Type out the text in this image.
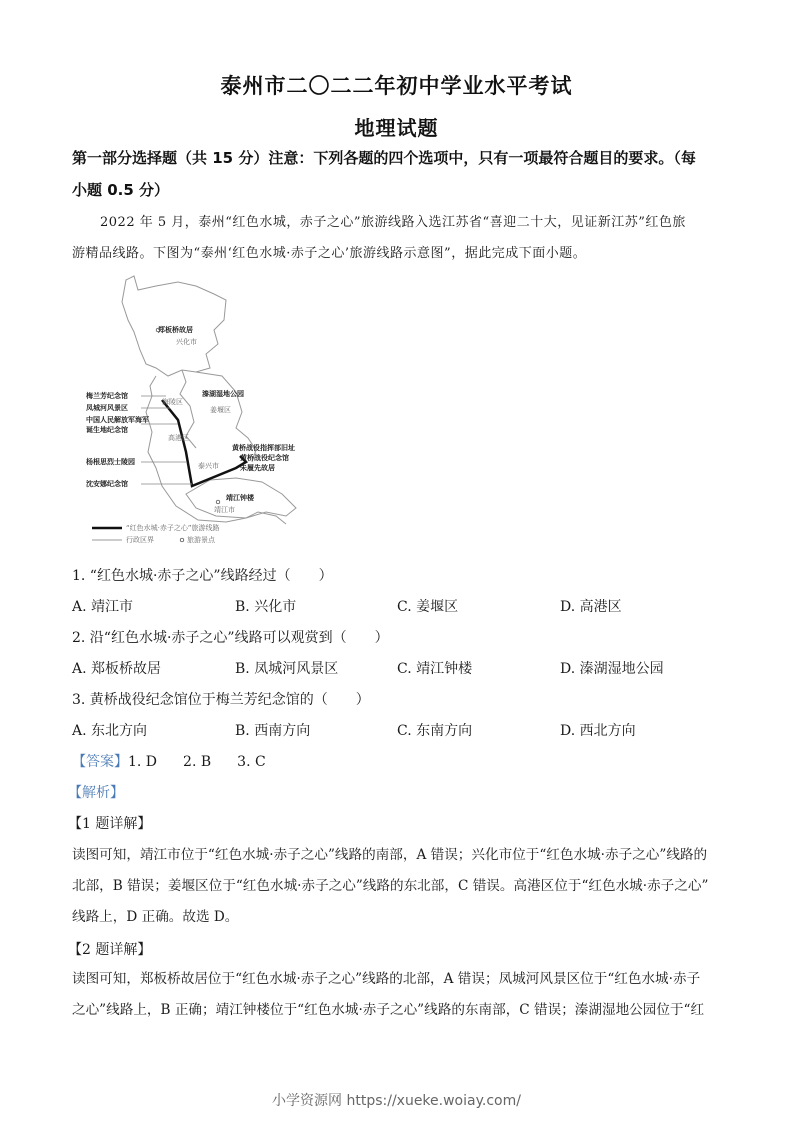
泰州市二〇二二年初中学业水平考试
地理试题
第一部分选择题（共 15 分）注意：下列各题的四个选项中，只有一项最符合题目的要求。（每
小题 0.5 分）
2022 年 5 月，泰州“红色水城，赤子之心”旅游线路入选江苏省“喜迎二十大，见证新江苏”红色旅
游精品线路。下图为“泰州‘红色水城·赤子之心’旅游线路示意图”，据此完成下面小题。
郑板桥故居
兴化市
溱湖湿地公园
姜堰区
梅兰芳纪念馆
凤城河风景区
中国人民解放军海军
诞生地纪念馆
海陵区
高港区
黄桥战役指挥部旧址
黄桥战役纪念馆
朱履先故居
杨根思烈士陵园	泰兴市
沈安娜纪念馆
靖江钟楼
靖江市
“红色水城·赤子之心”旅游线路
行政区界	旅游景点
1. “红色水城·赤子之心”线路经过（　　）
A. 靖江市	B. 兴化市	C. 姜堰区	D. 高港区
2. 沿“红色水城·赤子之心”线路可以观赏到（　　）
A. 郑板桥故居	B. 凤城河风景区	C. 靖江钟楼	D. 溱湖湿地公园
3. 黄桥战役纪念馆位于梅兰芳纪念馆的（　　）
A. 东北方向	B. 西南方向	C. 东南方向	D. 西北方向
【答案】1. D 2. B 3. C
【解析】
【1 题详解】
读图可知，靖江市位于“红色水城·赤子之心”线路的南部，A 错误；兴化市位于“红色水城·赤子之心”线路的
北部，B 错误；姜堰区位于“红色水城·赤子之心”线路的东北部，C 错误。高港区位于“红色水城·赤子之心”
线路上，D 正确。故选 D。
【2 题详解】
读图可知，郑板桥故居位于“红色水城·赤子之心”线路的北部，A 错误；凤城河风景区位于“红色水城·赤子
之心”线路上，B 正确；靖江钟楼位于“红色水城·赤子之心”线路的东南部，C 错误；溱湖湿地公园位于“红
小学资源网 https://xueke.woiay.com/
